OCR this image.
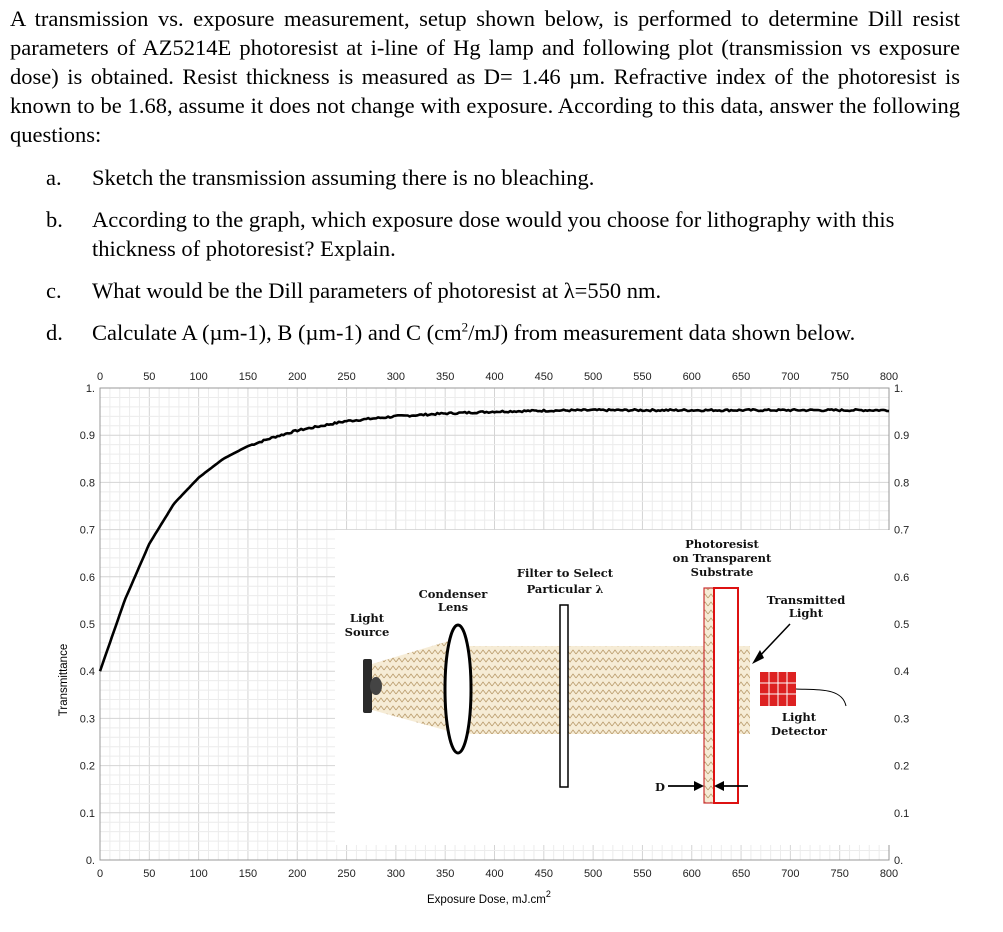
A transmission vs. exposure measurement, setup shown below, is performed to determine Dill resist parameters of AZ5214E photoresist at i-line of Hg lamp and following plot (transmission vs exposure dose) is obtained. Resist thickness is measured as D= 1.46 µm. Refractive index of the photoresist is known to be 1.68, assume it does not change with exposure. According to this data, answer the following questions:

a. Sketch the transmission assuming there is no bleaching.
b. According to the graph, which exposure dose would you choose for lithography with this thickness of photoresist? Explain.
c. What would be the Dill parameters of photoresist at λ=550 nm.
d. Calculate A (µm-1), B (µm-1) and C $(cm^2/mJ)$ from measurement data shown below.
0
0
50
50
100
100
150
150
200
200
250
250
300
300
350
350
400
400
450
450
500
500
550
550
600
600
650
650
700
700
750
750
800
800
0.
0.1
0.2
0.3
0.4
0.5
0.6
0.7
0.8
0.9
1.
0.
0.1
0.2
0.3
0.4
0.5
0.6
0.7
0.8
0.9
1.
Exposure Dose, $mJ.cm^2$
Transmittance
Light
Source
Condenser
Lens
Filter to Select
Particular λ
Photoresist
on Transparent
Substrate
Transmitted
Light
Light
Detector
D
